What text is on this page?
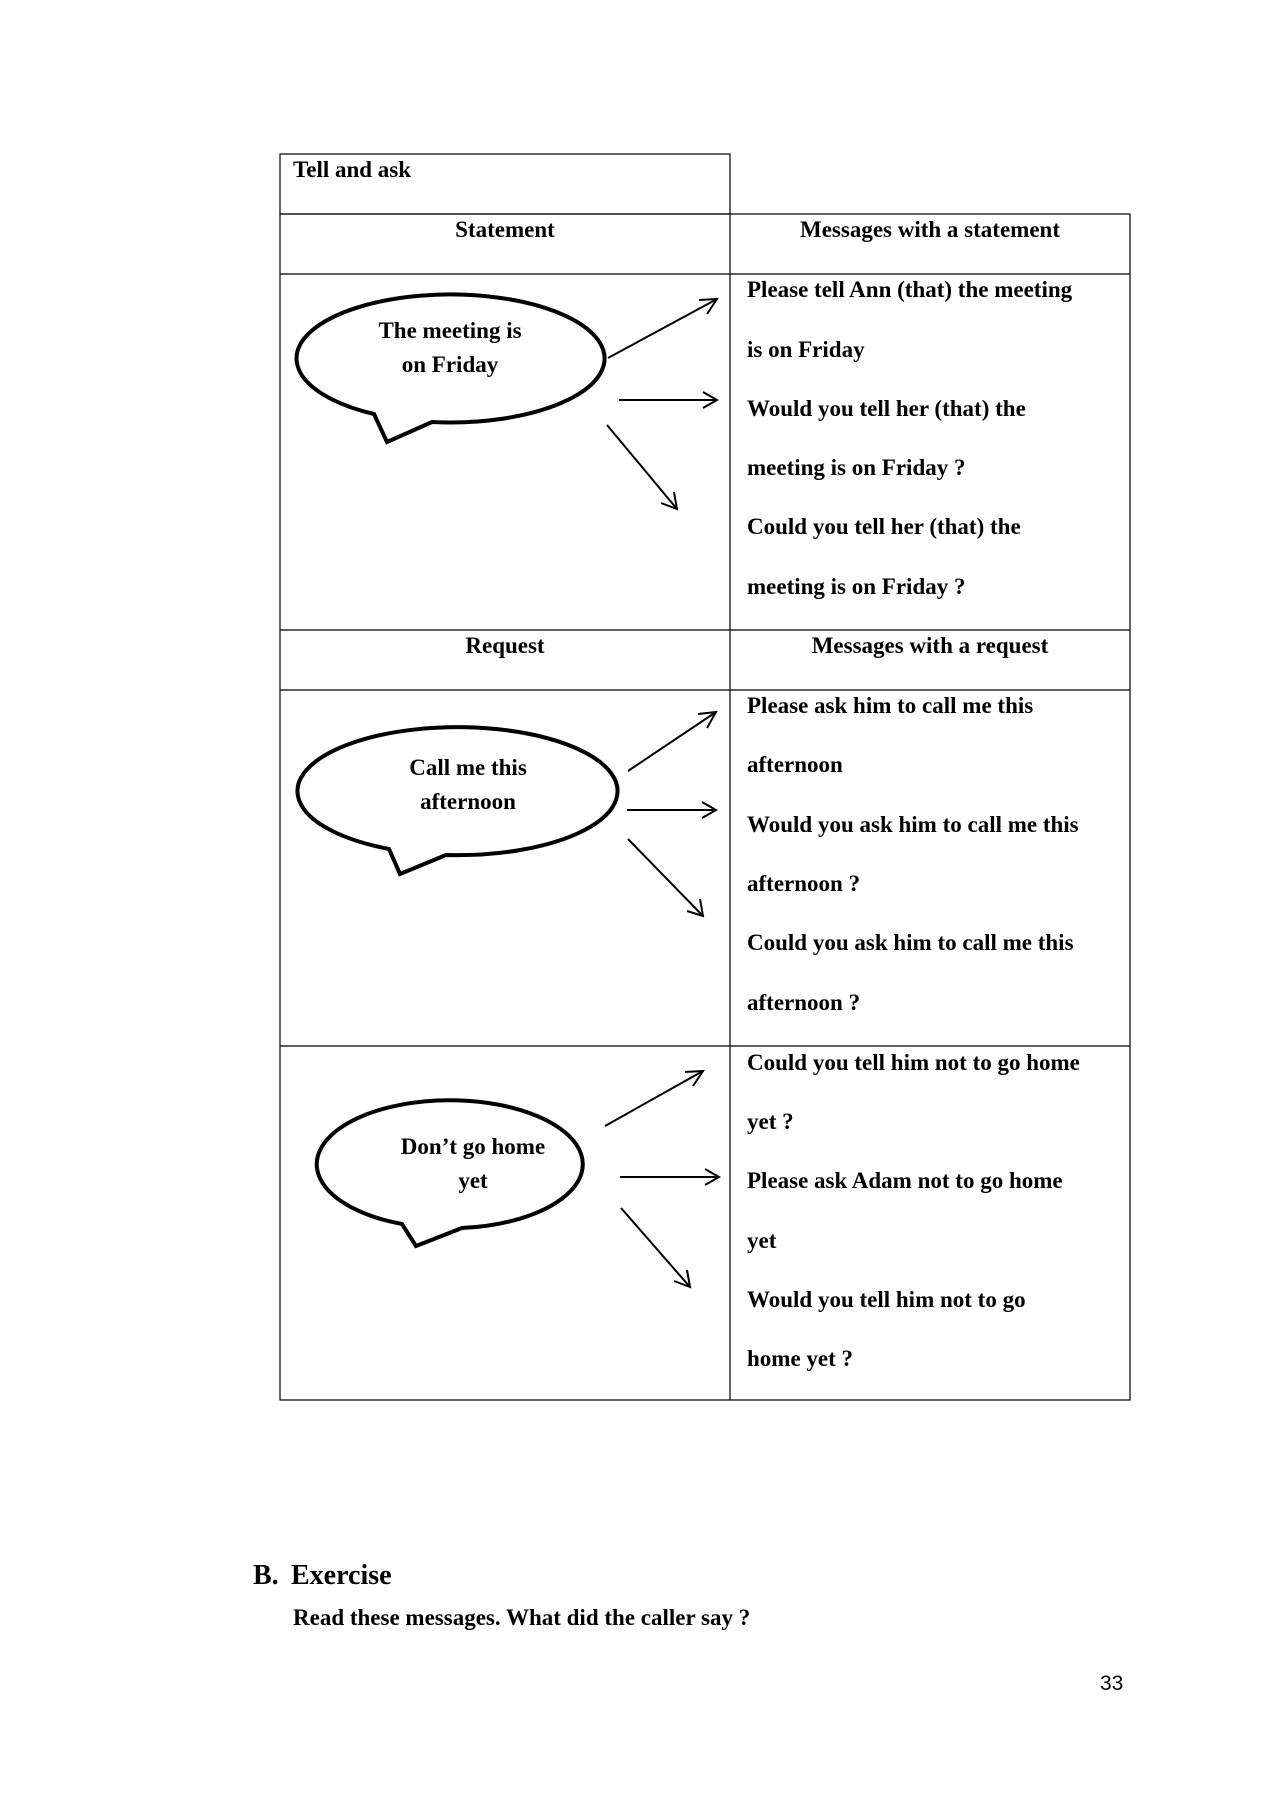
Tell and ask
Statement	Messages with a statement
Request	Messages with a request
The meeting is
on Friday
Call me this
afternoon
Don’t go home
yet
Please tell Ann (that) the meeting
is on Friday
Would you tell her (that) the
meeting is on Friday ?
Could you tell her (that) the
meeting is on Friday ?
Please ask him to call me this
afternoon
Would you ask him to call me this
afternoon ?
Could you ask him to call me this
afternoon ?
Could you tell him not to go home
yet ?
Please ask Adam not to go home
yet
Would you tell him not to go
home yet ?
B. Exercise
Read these messages. What did the caller say ?
33
